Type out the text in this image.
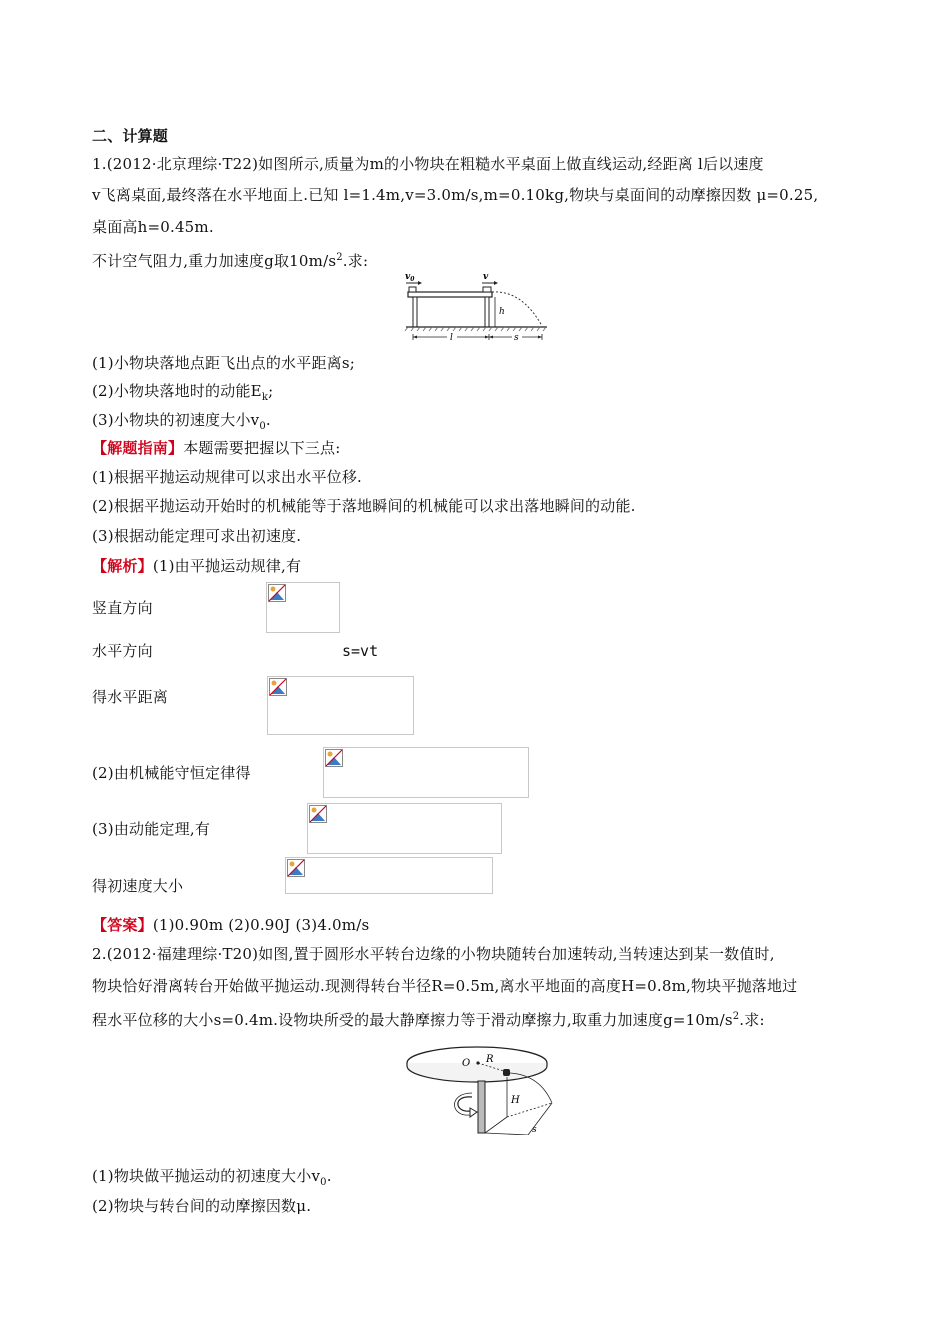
二、计算题
1.(2012·北京理综·T22)如图所示,质量为m的小物块在粗糙水平桌面上做直线运动,经距离 l后以速度
v飞离桌面,最终落在水平地面上.已知 l=1.4m,v=3.0m/s,m=0.10kg,物块与桌面间的动摩擦因数 μ=0.25,
桌面高h=0.45m.
不计空气阻力,重力加速度g取$10m/s^2$.求:
$v_0$	v
h
l	s
(1)小物块落地点距飞出点的水平距离s;
(2)小物块落地时的动能$E_k$;
(3)小物块的初速度大小$v_0$.
【解题指南】本题需要把握以下三点:
(1)根据平抛运动规律可以求出水平位移.
(2)根据平抛运动开始时的机械能等于落地瞬间的机械能可以求出落地瞬间的动能.
(3)根据动能定理可求出初速度.
【解析】(1)由平抛运动规律,有
竖直方向
水平方向	s=vt
得水平距离
(2)由机械能守恒定律得
(3)由动能定理,有
得初速度大小
【答案】(1)0.90m (2)0.90J (3)4.0m/s
2.(2012·福建理综·T20)如图,置于圆形水平转台边缘的小物块随转台加速转动,当转速达到某一数值时,
物块恰好滑离转台开始做平抛运动.现测得转台半径R=0.5m,离水平地面的高度H=0.8m,物块平抛落地过
程水平位移的大小s=0.4m.设物块所受的最大静摩擦力等于滑动摩擦力,取重力加速度$g=10m/s^2$.求:
O R
H
s
(1)物块做平抛运动的初速度大小$v_0$.
(2)物块与转台间的动摩擦因数μ.
